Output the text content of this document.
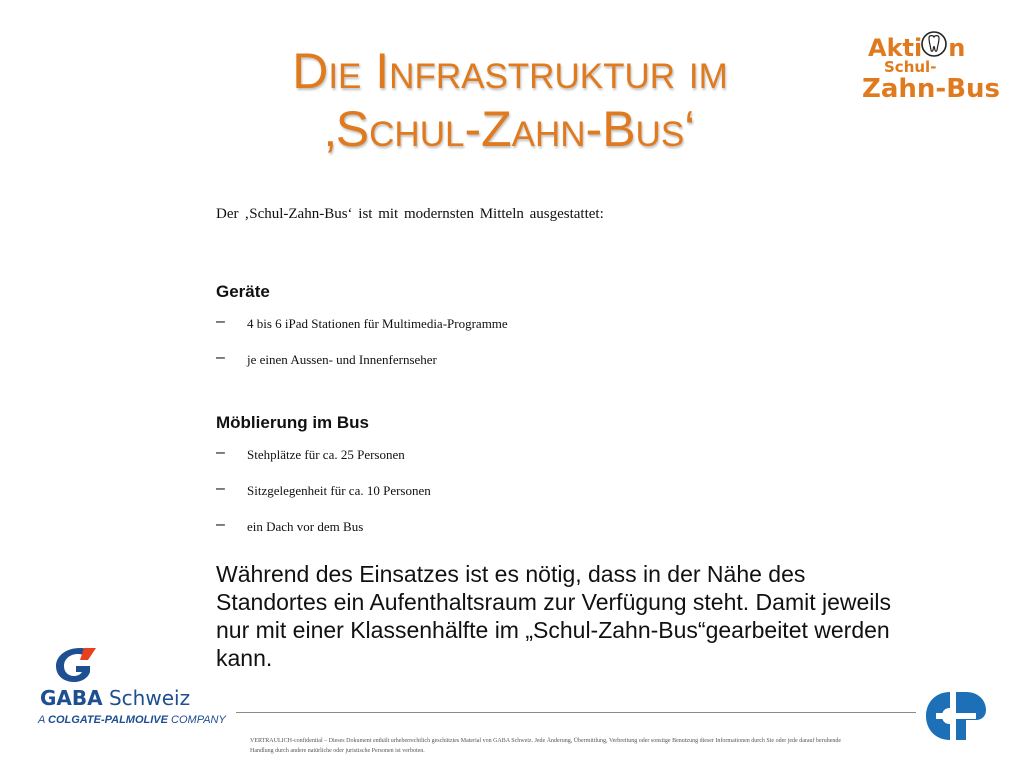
Die Infrastruktur im
‚Schul-Zahn-Bus‘
Akti n
Schul-
Zahn-Bus
Der ‚Schul-Zahn-Bus‘ ist mit modernsten Mitteln ausgestattet:
Geräte
– 4 bis 6 iPad Stationen für Multimedia-Programme
– je einen Aussen- und Innenfernseher
Möblierung im Bus
– Stehplätze für ca. 25 Personen
– Sitzgelegenheit für ca. 10 Personen
– ein Dach vor dem Bus
Während des Einsatzes ist es nötig, dass in der Nähe des Standortes ein Aufenthaltsraum zur Verfügung steht. Damit jeweils nur mit einer Klassenhälfte im „Schul-Zahn-Bus“gearbeitet werden kann.
GABA Schweiz
A COLGATE-PALMOLIVE COMPANY
VERTRAULICH-confidential – Dieses Dokument enthält urheberrechtlich geschütztes Material von GABA Schweiz. Jede Änderung, Übermittlung, Verbreitung oder sonstige Benutzung dieser Informationen durch Sie oder jede darauf beruhende
Handlung durch andere natürliche oder juristische Personen ist verboten.
